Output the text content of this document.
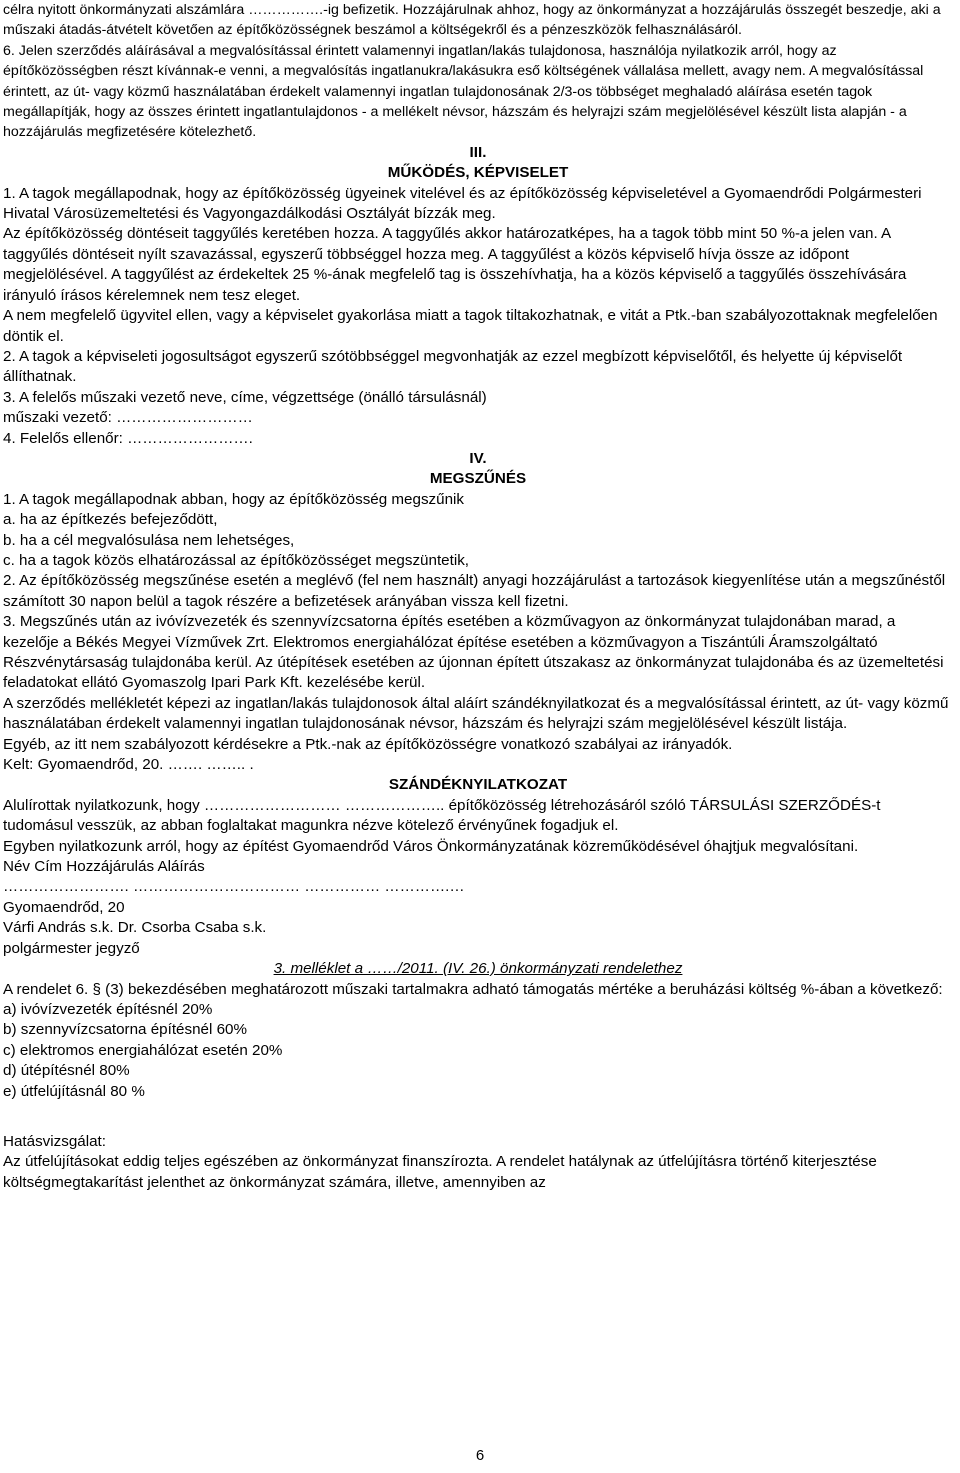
célra nyitott önkormányzati alszámlára …………….-ig befizetik. Hozzájárulnak ahhoz, hogy az önkormányzat a hozzájárulás összegét beszedje, aki a műszaki átadás-átvételt követően az építőközösségnek beszámol a költségekről és a pénzeszközök felhasználásáról.

6. Jelen szerződés aláírásával a megvalósítással érintett valamennyi ingatlan/lakás tulajdonosa, használója nyilatkozik arról, hogy az építőközösségben részt kívánnak-e venni, a megvalósítás ingatlanukra/lakásukra eső költségének vállalása mellett, avagy nem. A megvalósítással érintett, az út- vagy közmű használatában érdekelt valamennyi ingatlan tulajdonosának 2/3-os többséget meghaladó aláírása esetén tagok megállapítják, hogy az összes érintett ingatlantulajdonos - a mellékelt névsor, házszám és helyrajzi szám megjelölésével készült lista alapján - a hozzájárulás megfizetésére kötelezhető.

III.

MŰKÖDÉS, KÉPVISELET

1. A tagok megállapodnak, hogy az építőközösség ügyeinek vitelével és az építőközösség képviseletével a Gyomaendrődi Polgármesteri Hivatal Városüzemeltetési és Vagyongazdálkodási Osztályát bízzák meg.

Az építőközösség döntéseit taggyűlés keretében hozza. A taggyűlés akkor határozatképes, ha a tagok több mint 50 %-a jelen van. A taggyűlés döntéseit nyílt szavazással, egyszerű többséggel hozza meg. A taggyűlést a közös képviselő hívja össze az időpont megjelölésével. A taggyűlést az érdekeltek 25 %-ának megfelelő tag is összehívhatja, ha a közös képviselő a taggyűlés összehívására irányuló írásos kérelemnek nem tesz eleget.

A nem megfelelő ügyvitel ellen, vagy a képviselet gyakorlása miatt a tagok tiltakozhatnak, e vitát a Ptk.-ban szabályozottaknak megfelelően döntik el.

2. A tagok a képviseleti jogosultságot egyszerű szótöbbséggel megvonhatják az ezzel megbízott képviselőtől, és helyette új képviselőt állíthatnak.

3. A felelős műszaki vezető neve, címe, végzettsége (önálló társulásnál)

műszaki vezető: ………………………

4. Felelős ellenőr: …………………….

IV.

MEGSZŰNÉS

1. A tagok megállapodnak abban, hogy az építőközösség megszűnik

a. ha az építkezés befejeződött,

b. ha a cél megvalósulása nem lehetséges,

c. ha a tagok közös elhatározással az építőközösséget megszüntetik,

2. Az építőközösség megszűnése esetén a meglévő (fel nem használt) anyagi hozzájárulást a tartozások kiegyenlítése után a megszűnéstől számított 30 napon belül a tagok részére a befizetések arányában vissza kell fizetni.

3. Megszűnés után az ivóvízvezeték és szennyvízcsatorna építés esetében a közművagyon az önkormányzat tulajdonában marad, a kezelője a Békés Megyei Vízművek Zrt. Elektromos energiahálózat építése esetében a közművagyon a Tiszántúli Áramszolgáltató Részvénytársaság tulajdonába kerül. Az útépítések esetében az újonnan épített útszakasz az önkormányzat tulajdonába és az üzemeltetési feladatokat ellátó Gyomaszolg Ipari Park Kft. kezelésébe kerül.

A szerződés mellékletét képezi az ingatlan/lakás tulajdonosok által aláírt szándéknyilatkozat és a megvalósítással érintett, az út- vagy közmű használatában érdekelt valamennyi ingatlan tulajdonosának névsor, házszám és helyrajzi szám megjelölésével készült listája.

Egyéb, az itt nem szabályozott kérdésekre a Ptk.-nak az építőközösségre vonatkozó szabályai az irányadók.

Kelt: Gyomaendrőd, 20. ……. …….. .

SZÁNDÉKNYILATKOZAT

Alulírottak nyilatkozunk, hogy ……………………… ……………….. építőközösség létrehozásáról szóló TÁRSULÁSI SZERZŐDÉS-t tudomásul vesszük, az abban foglaltakat magunkra nézve kötelező érvényűnek fogadjuk el.

Egyben nyilatkozunk arról, hogy az építést Gyomaendrőd Város Önkormányzatának közreműködésével óhajtjuk megvalósítani.

Név Cím Hozzájárulás Aláírás

……………………. …………………………… …………… ………….…

Gyomaendrőd, 20

Várfi András s.k. Dr. Csorba Csaba s.k.

polgármester jegyző

3. melléklet a ……/2011. (IV. 26.) önkormányzati rendelethez

A rendelet 6. § (3) bekezdésében meghatározott műszaki tartalmakra adható támogatás mértéke a beruházási költség %-ában a következő:

a) ivóvízvezeték építésnél 20%

b) szennyvízcsatorna építésnél 60%

c) elektromos energiahálózat esetén 20%

d) útépítésnél 80%

e) útfelújításnál 80 %

Hatásvizsgálat:

Az útfelújításokat eddig teljes egészében az önkormányzat finanszírozta. A rendelet hatálynak az útfelújításra történő kiterjesztése költségmegtakarítást jelenthet az önkormányzat számára, illetve, amennyiben az

6
